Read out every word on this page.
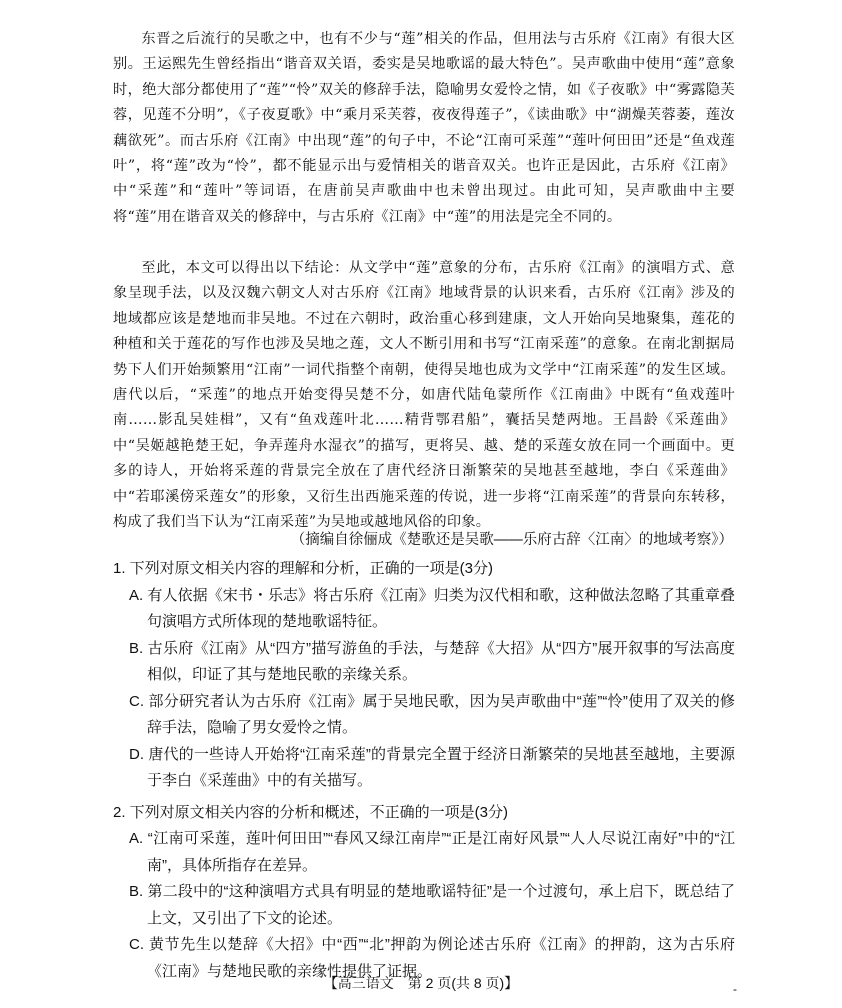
东晋之后流行的吴歌之中，也有不少与“莲”相关的作品，但用法与古乐府《江南》有很大区别。王运熙先生曾经指出“谐音双关语，委实是吴地歌谣的最大特色”。吴声歌曲中使用“莲”意象时，绝大部分都使用了“莲”“怜”双关的修辞手法，隐喻男女爱怜之情，如《子夜歌》中“雾露隐芙蓉，见莲不分明”，《子夜夏歌》中“乘月采芙蓉，夜夜得莲子”，《读曲歌》中“湖燥芙蓉萎，莲汝藕欲死”。而古乐府《江南》中出现“莲”的句子中，不论“江南可采莲”“莲叶何田田”还是“鱼戏莲叶”，将“莲”改为“怜”，都不能显示出与爱情相关的谐音双关。也许正是因此，古乐府《江南》中“采莲”和“莲叶”等词语，在唐前吴声歌曲中也未曾出现过。由此可知，吴声歌曲中主要将“莲”用在谐音双关的修辞中，与古乐府《江南》中“莲”的用法是完全不同的。

至此，本文可以得出以下结论：从文学中“莲”意象的分布，古乐府《江南》的演唱方式、意象呈现手法，以及汉魏六朝文人对古乐府《江南》地域背景的认识来看，古乐府《江南》涉及的地域都应该是楚地而非吴地。不过在六朝时，政治重心移到建康，文人开始向吴地聚集，莲花的种植和关于莲花的写作也涉及吴地之莲，文人不断引用和书写“江南采莲”的意象。在南北割据局势下人们开始频繁用“江南”一词代指整个南朝，使得吴地也成为文学中“江南采莲”的发生区域。唐代以后，“采莲”的地点开始变得吴楚不分，如唐代陆龟蒙所作《江南曲》中既有“鱼戏莲叶南……影乱吴娃楫”，又有“鱼戏莲叶北……精背鄂君船”，囊括吴楚两地。王昌龄《采莲曲》中“吴姬越艳楚王妃，争弄莲舟水湿衣”的描写，更将吴、越、楚的采莲女放在同一个画面中。更多的诗人，开始将采莲的背景完全放在了唐代经济日渐繁荣的吴地甚至越地，李白《采莲曲》中“若耶溪傍采莲女”的形象，又衍生出西施采莲的传说，进一步将“江南采莲”的背景向东转移，构成了我们当下认为“江南采莲”为吴地或越地风俗的印象。

（摘编自徐俪成《楚歌还是吴歌——乐府古辞〈江南〉的地域考察》）

1. 下列对原文相关内容的理解和分析，正确的一项是(3分)

A. 有人依据《宋书・乐志》将古乐府《江南》归类为汉代相和歌，这种做法忽略了其重章叠句演唱方式所体现的楚地歌谣特征。

B. 古乐府《江南》从“四方”描写游鱼的手法，与楚辞《大招》从“四方”展开叙事的写法高度相似，印证了其与楚地民歌的亲缘关系。

C. 部分研究者认为古乐府《江南》属于吴地民歌，因为吴声歌曲中“莲”“怜”使用了双关的修辞手法，隐喻了男女爱怜之情。

D. 唐代的一些诗人开始将“江南采莲”的背景完全置于经济日渐繁荣的吴地甚至越地，主要源于李白《采莲曲》中的有关描写。

2. 下列对原文相关内容的分析和概述，不正确的一项是(3分)

A. “江南可采莲，莲叶何田田”“春风又绿江南岸”“正是江南好风景”“人人尽说江南好”中的“江南”，具体所指存在差异。

B. 第二段中的“这种演唱方式具有明显的楚地歌谣特征”是一个过渡句，承上启下，既总结了上文，又引出了下文的论述。

C. 黄节先生以楚辞《大招》中“西”“北”押韵为例论述古乐府《江南》的押韵，这为古乐府《江南》与楚地民歌的亲缘性提供了证据。

【高三语文　第 2 页(共 8 页)】	-
